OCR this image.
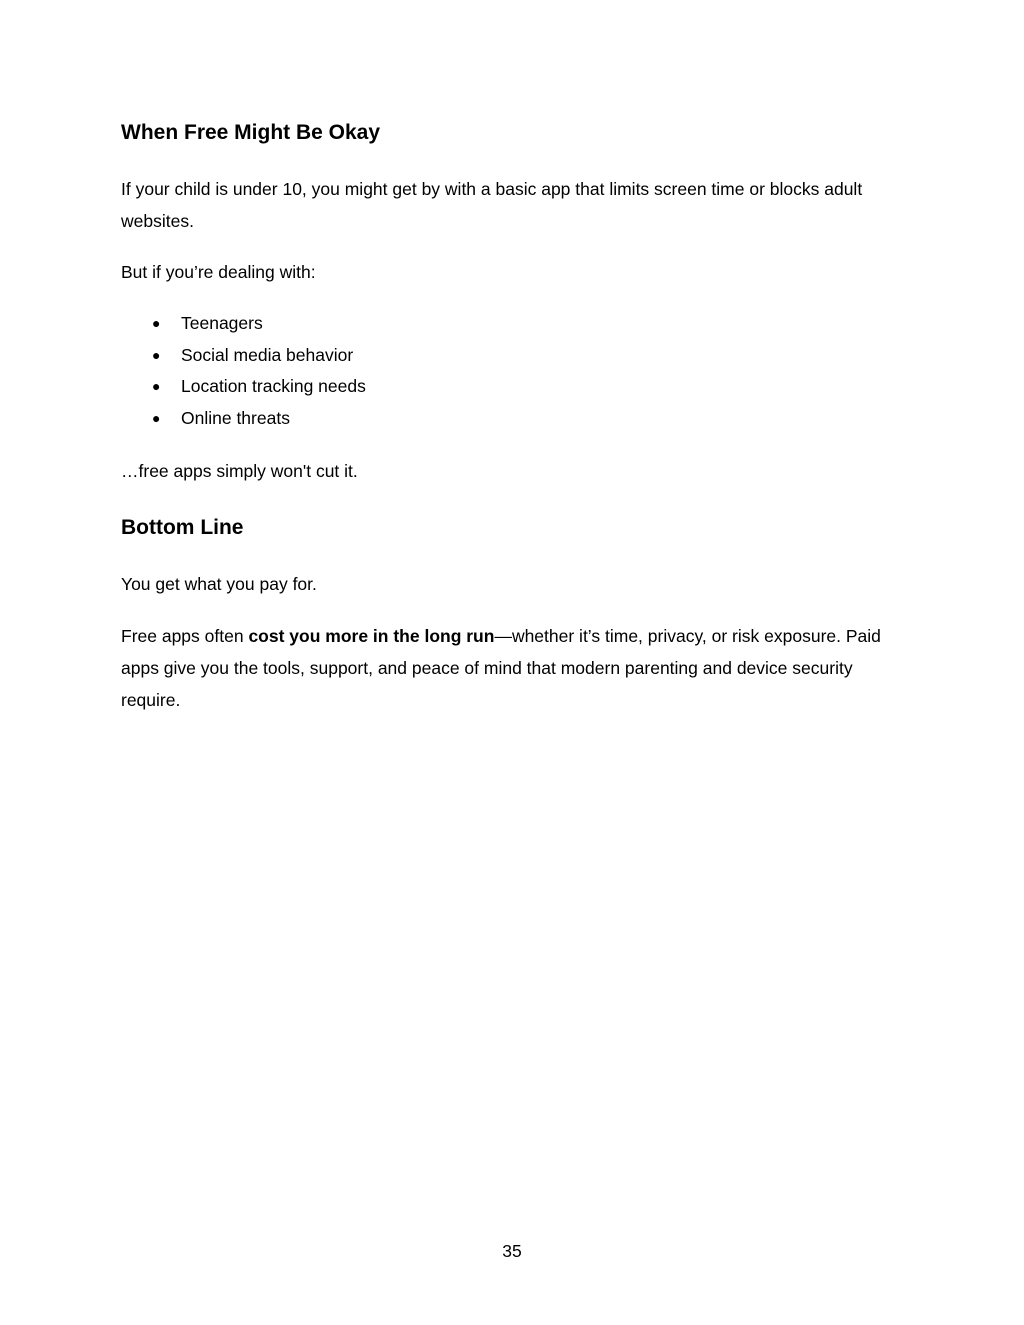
When Free Might Be Okay

If your child is under 10, you might get by with a basic app that limits screen time or blocks adult websites.

But if you’re dealing with:

● Teenagers
● Social media behavior
● Location tracking needs
● Online threats

…free apps simply won't cut it.

Bottom Line

You get what you pay for.

Free apps often cost you more in the long run—whether it’s time, privacy, or risk exposure. Paid apps give you the tools, support, and peace of mind that modern parenting and device security require.

35
